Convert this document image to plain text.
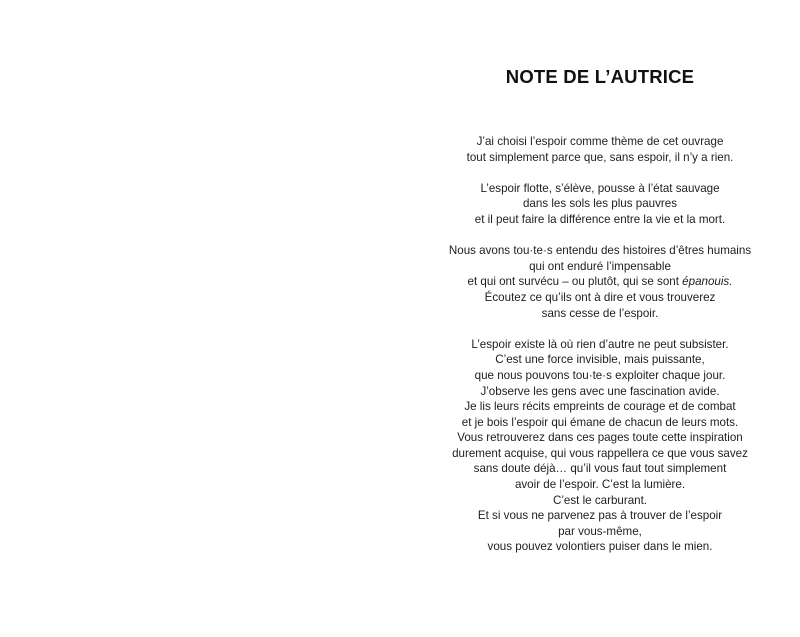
NOTE DE L’AUTRICE

J’ai choisi l’espoir comme thème de cet ouvrage
tout simplement parce que, sans espoir, il n’y a rien.

L’espoir flotte, s’élève, pousse à l’état sauvage
dans les sols les plus pauvres
et il peut faire la différence entre la vie et la mort.

Nous avons tou·te·s entendu des histoires d’êtres humains
qui ont enduré l’impensable
et qui ont survécu – ou plutôt, qui se sont épanouis.
Écoutez ce qu’ils ont à dire et vous trouverez
sans cesse de l’espoir.

L’espoir existe là où rien d’autre ne peut subsister.
C’est une force invisible, mais puissante,
que nous pouvons tou·te·s exploiter chaque jour.
J’observe les gens avec une fascination avide.
Je lis leurs récits empreints de courage et de combat
et je bois l’espoir qui émane de chacun de leurs mots.
Vous retrouverez dans ces pages toute cette inspiration
durement acquise, qui vous rappellera ce que vous savez
sans doute déjà… qu’il vous faut tout simplement
avoir de l’espoir. C’est la lumière.
C’est le carburant.
Et si vous ne parvenez pas à trouver de l’espoir
par vous-même,
vous pouvez volontiers puiser dans le mien.
